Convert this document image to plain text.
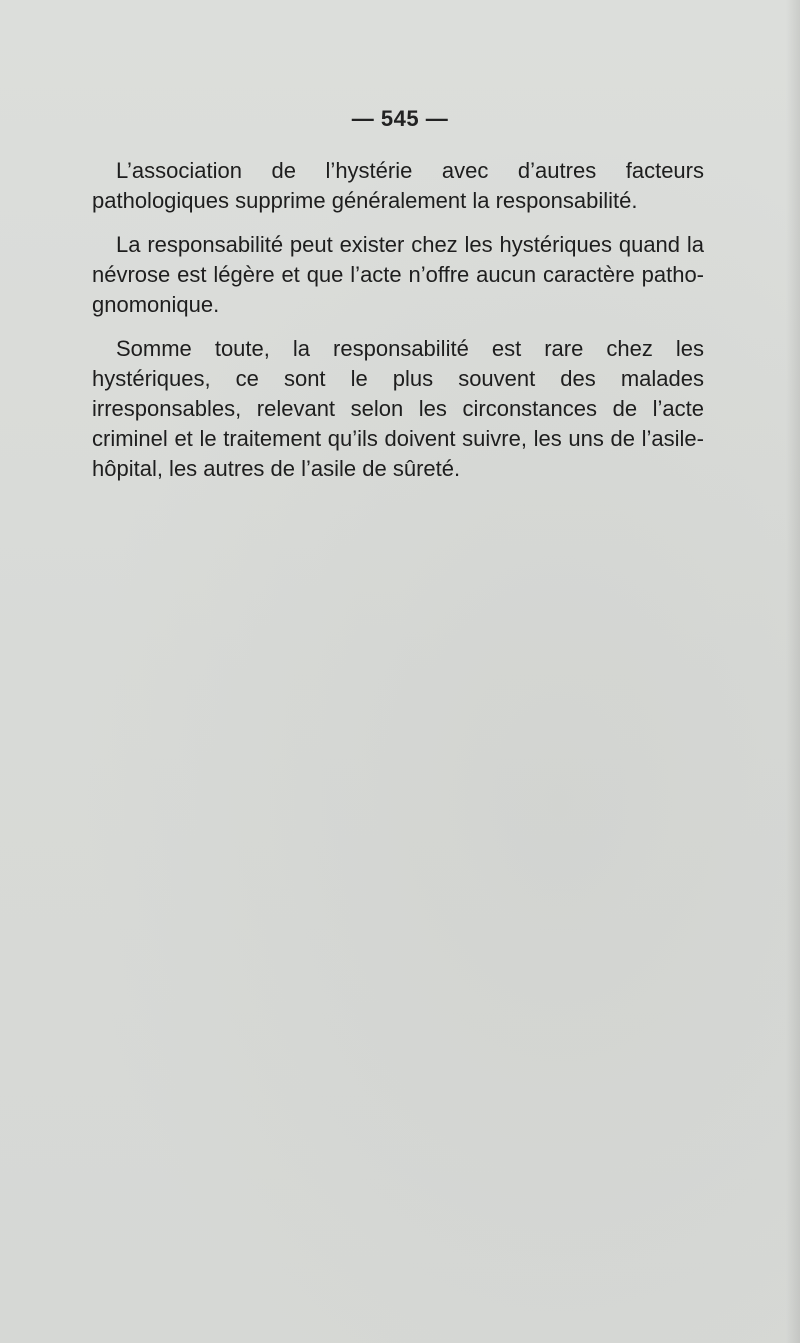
— 545 —

L’association de l’hystérie avec d’autres facteurs pathologiques supprime généralement la responsabilité.

La responsabilité peut exister chez les hystériques quand la névrose est légère et que l’acte n’offre aucun caractère patho-gnomonique.

Somme toute, la responsabilité est rare chez les hystériques, ce sont le plus souvent des malades irresponsables, relevant selon les circonstances de l’acte criminel et le traitement qu’ils doivent suivre, les uns de l’asile-hôpital, les autres de l’asile de sûreté.
